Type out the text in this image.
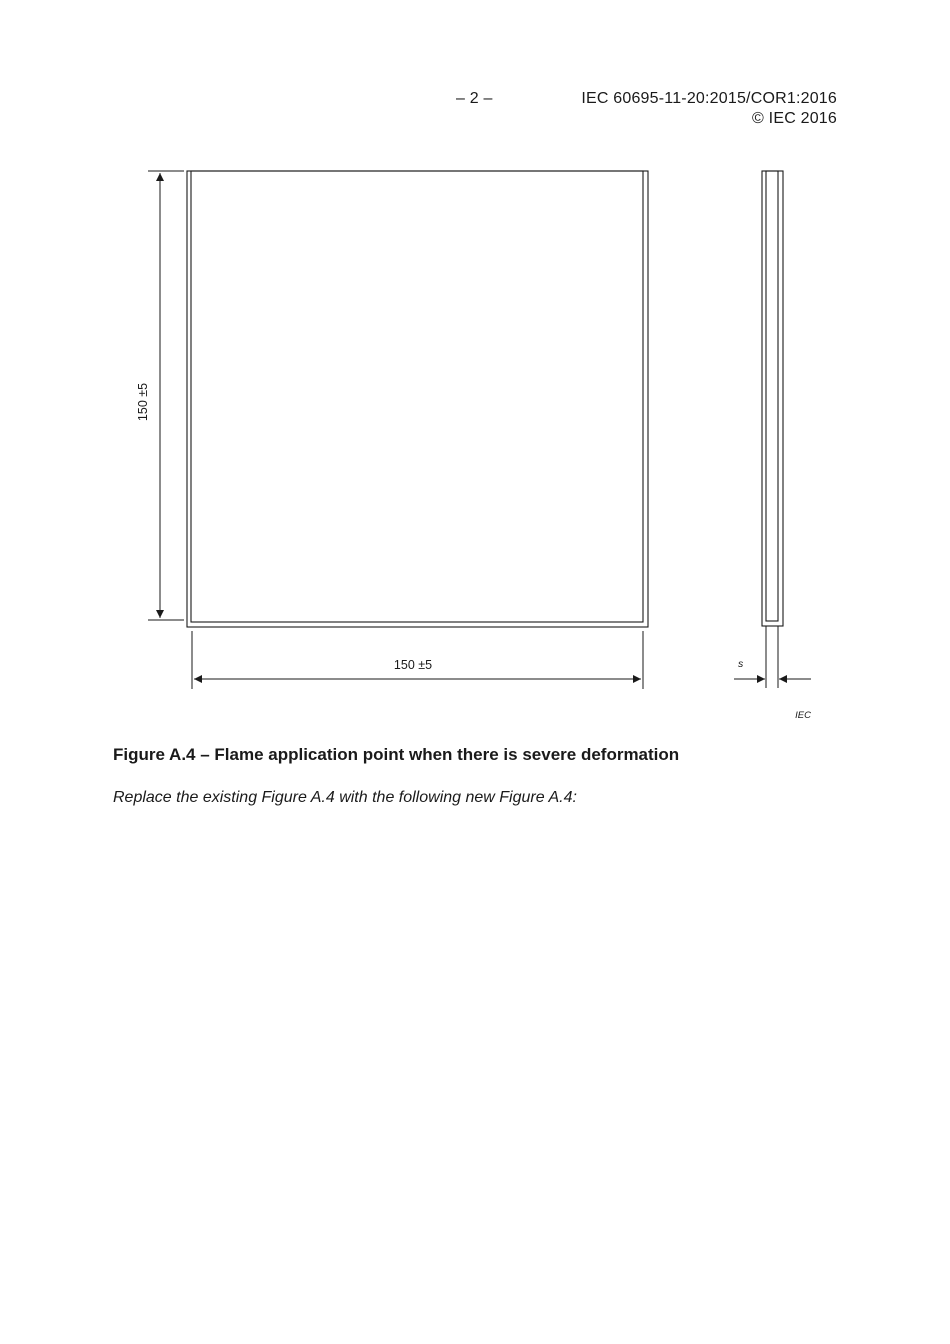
– 2 –	IEC 60695-11-20:2015/COR1:2016
© IEC 2016
150 ±5
150 ±5	s
IEC
Figure A.4 – Flame application point when there is severe deformation
Replace the existing Figure A.4 with the following new Figure A.4:
